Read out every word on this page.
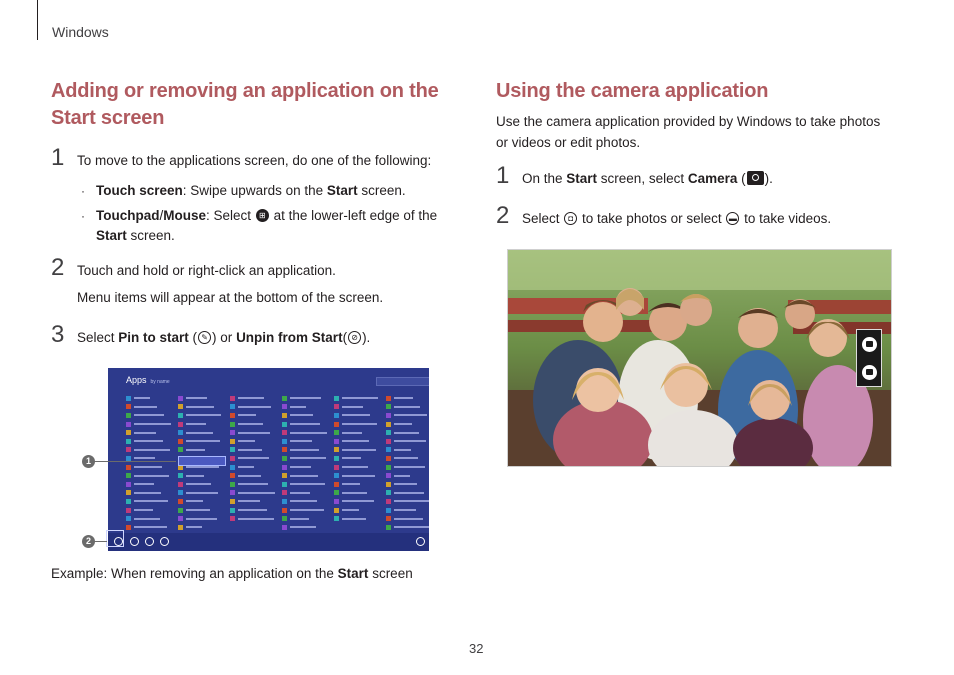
Windows
Adding or removing an application on the
Start screen
1 To move to the applications screen, do one of the following:
· Touch screen: Swipe upwards on the Start screen.
· Touchpad/Mouse: Select ⊞ at the lower-left edge of the
Start screen.
2 Touch and hold or right-click an application.
Menu items will appear at the bottom of the screen.
3 Select Pin to start ( ✎ ) or Unpin from Start( ⊘ ).
Apps by name
1
2
Example: When removing an application on the Start screen
Using the camera application
Use the camera application provided by Windows to take photos
or videos or edit photos.
1 On the Start screen, select Camera ( ).
2 Select ◘ to take photos or select ▬ to take videos.
32
